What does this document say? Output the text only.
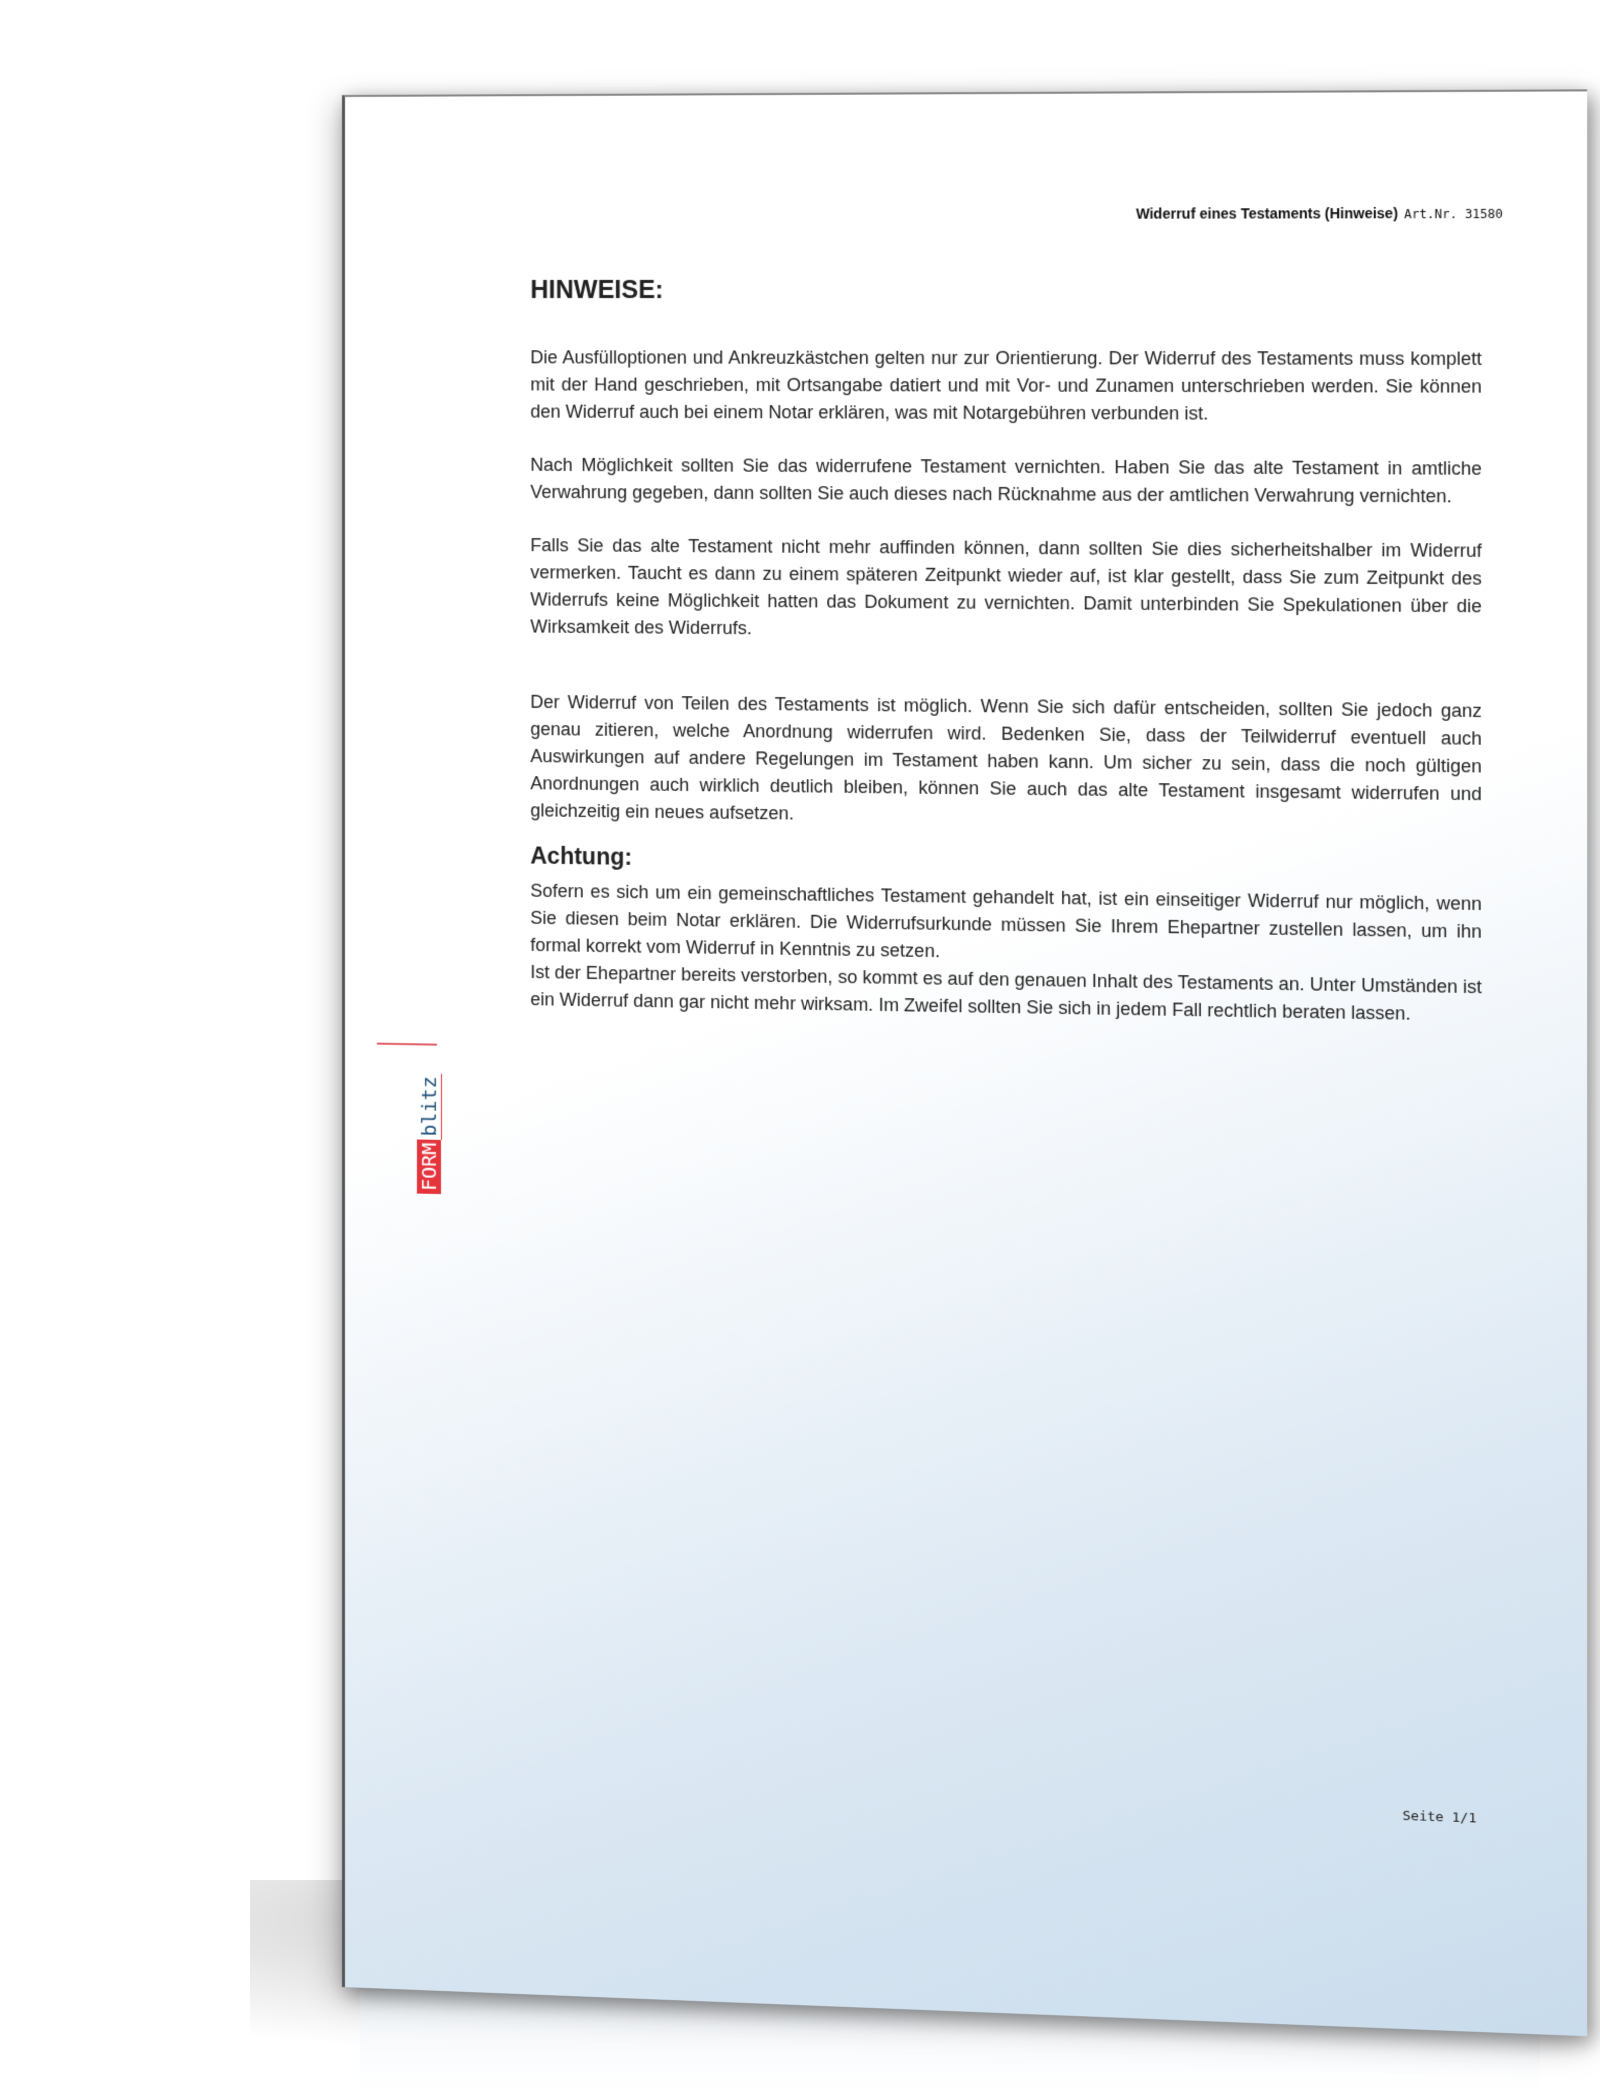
Widerruf eines Testaments (Hinweise) Art.Nr. 31580
HINWEISE:

Die Ausfülloptionen und Ankreuzkästchen gelten nur zur Orientierung. Der Widerruf des Testaments muss komplett mit der Hand geschrieben, mit Ortsangabe datiert und mit Vor- und Zunamen unterschrieben werden. Sie können den Widerruf auch bei einem Notar erklären, was mit Notargebühren verbunden ist.

Nach Möglichkeit sollten Sie das widerrufene Testament vernichten. Haben Sie das alte Testament in amtliche Verwahrung gegeben, dann sollten Sie auch dieses nach Rücknahme aus der amtlichen Verwahrung vernichten.

Falls Sie das alte Testament nicht mehr auffinden können, dann sollten Sie dies sicherheitshalber im Widerruf vermerken. Taucht es dann zu einem späteren Zeitpunkt wieder auf, ist klar gestellt, dass Sie zum Zeitpunkt des Widerrufs keine Möglichkeit hatten das Dokument zu vernichten. Damit unterbinden Sie Spekulationen über die Wirksamkeit des Widerrufs.

Der Widerruf von Teilen des Testaments ist möglich. Wenn Sie sich dafür entscheiden, sollten Sie jedoch ganz genau zitieren, welche Anordnung widerrufen wird. Bedenken Sie, dass der Teilwiderruf eventuell auch Auswirkungen auf andere Regelungen im Testament haben kann. Um sicher zu sein, dass die noch gültigen Anordnungen auch wirklich deutlich bleiben, können Sie auch das alte Testament insgesamt widerrufen und gleichzeitig ein neues aufsetzen.

Achtung:

Sofern es sich um ein gemeinschaftliches Testament gehandelt hat, ist ein einseitiger Widerruf nur möglich, wenn Sie diesen beim Notar erklären. Die Widerrufsurkunde müssen Sie Ihrem Ehepartner zustellen lassen, um ihn formal korrekt vom Widerruf in Kenntnis zu setzen.

Ist der Ehepartner bereits verstorben, so kommt es auf den genauen Inhalt des Testaments an. Unter Umständen ist ein Widerruf dann gar nicht mehr wirksam. Im Zweifel sollten Sie sich in jedem Fall rechtlich beraten lassen.

FORMblitz
Seite 1/1
